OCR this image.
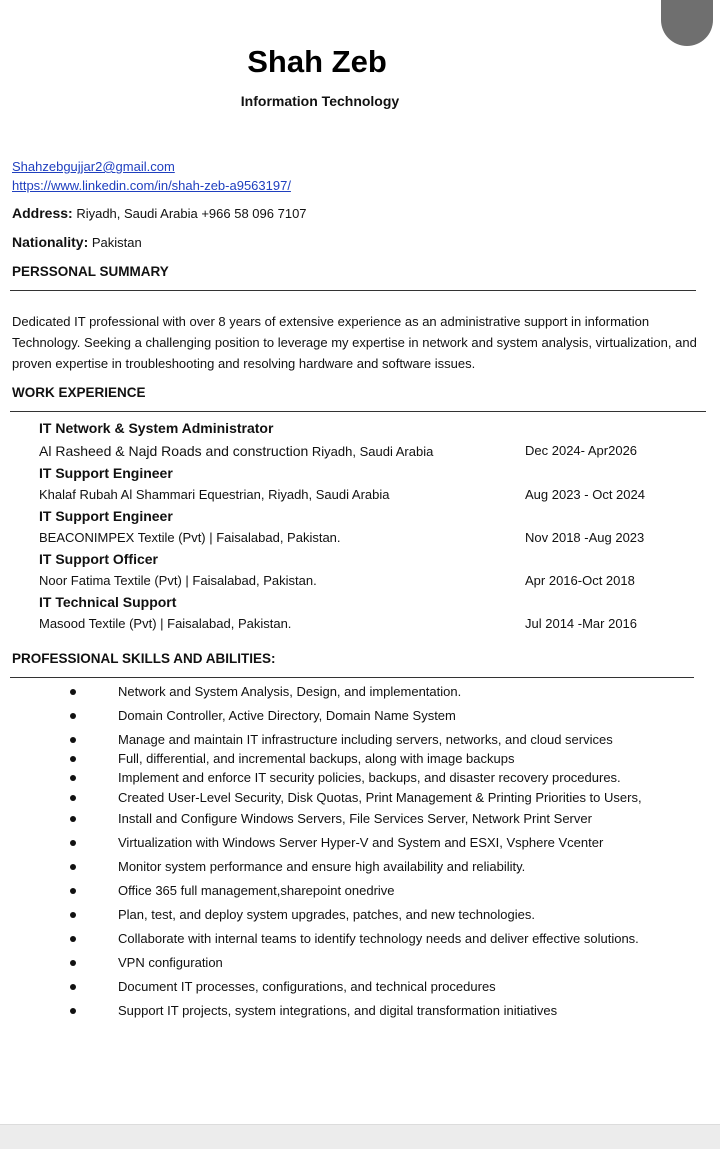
Shah Zeb
Information Technology
Shahzebgujjar2@gmail.com
https://www.linkedin.com/in/shah-zeb-a9563197/
Address: Riyadh, Saudi Arabia +966 58 096 7107
Nationality: Pakistan
PERSSONAL SUMMARY
Dedicated IT professional with over 8 years of extensive experience as an administrative support in information Technology. Seeking a challenging position to leverage my expertise in network and system analysis, virtualization, and proven expertise in troubleshooting and resolving hardware and software issues.
WORK EXPERIENCE
IT Network & System Administrator
Al Rasheed & Najd Roads and construction Riyadh, Saudi Arabia	Dec 2024- Apr2026
IT Support Engineer
Khalaf Rubah Al Shammari Equestrian, Riyadh, Saudi Arabia	Aug 2023 - Oct 2024
IT Support Engineer
BEACONIMPEX Textile (Pvt) | Faisalabad, Pakistan.	Nov 2018 -Aug 2023
IT Support Officer
Noor Fatima Textile (Pvt) | Faisalabad, Pakistan.	Apr 2016-Oct 2018
IT Technical Support
Masood Textile (Pvt) | Faisalabad, Pakistan.	Jul 2014 -Mar 2016
PROFESSIONAL SKILLS AND ABILITIES:
Network and System Analysis, Design, and implementation.
Domain Controller, Active Directory, Domain Name System
Manage and maintain IT infrastructure including servers, networks, and cloud services
Full, differential, and incremental backups, along with image backups
Implement and enforce IT security policies, backups, and disaster recovery procedures.
Created User-Level Security, Disk Quotas, Print Management & Printing Priorities to Users,
Install and Configure Windows Servers, File Services Server, Network Print Server
Virtualization with Windows Server Hyper-V and System and ESXI, Vsphere Vcenter
Monitor system performance and ensure high availability and reliability.
Office 365 full management,sharepoint onedrive
Plan, test, and deploy system upgrades, patches, and new technologies.
Collaborate with internal teams to identify technology needs and deliver effective solutions.
VPN configuration
Document IT processes, configurations, and technical procedures
Support IT projects, system integrations, and digital transformation initiatives
